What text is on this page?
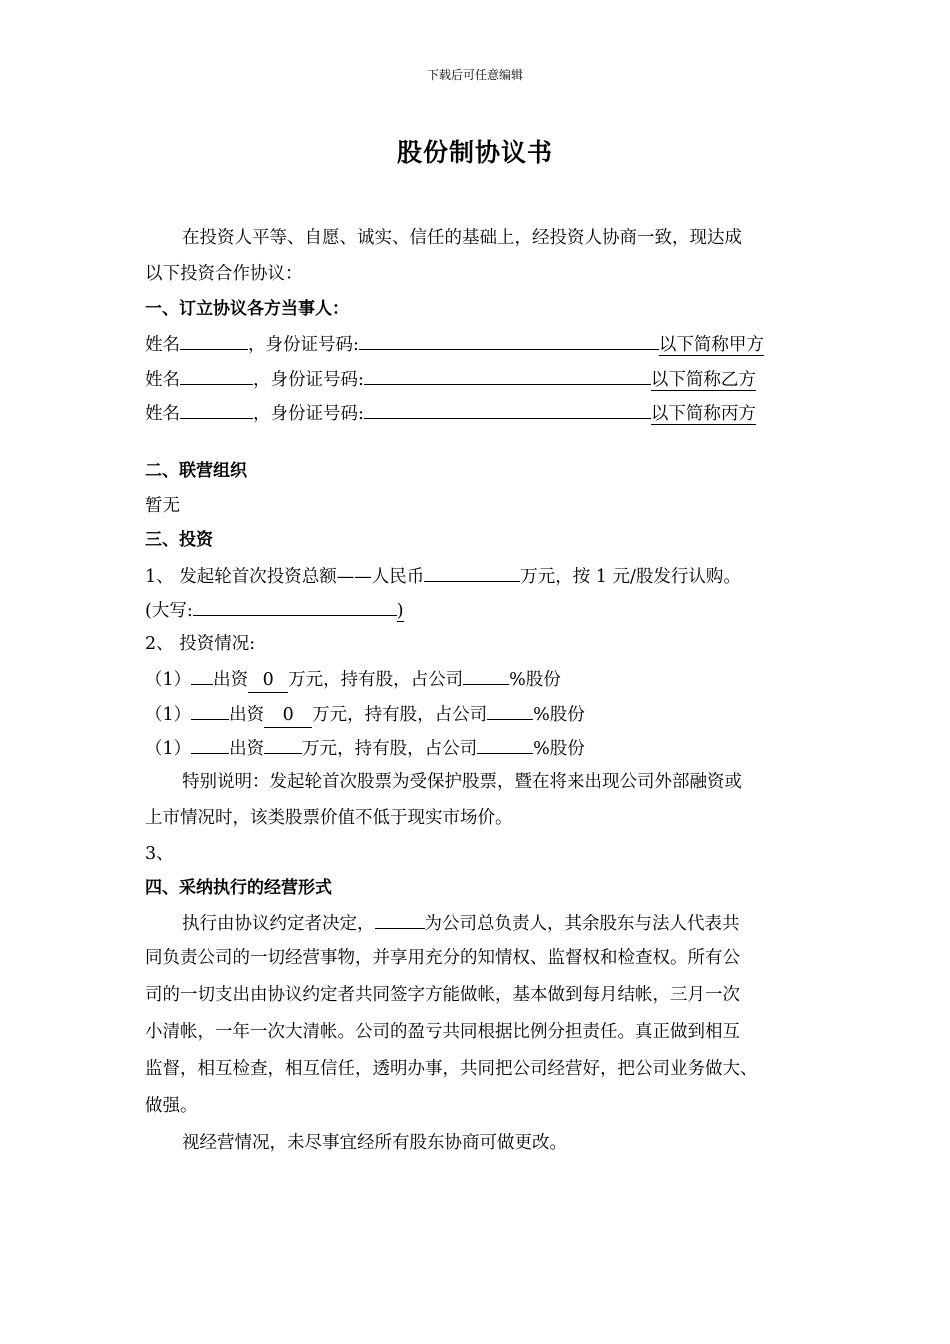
下载后可任意编辑
股份制协议书
在投资人平等、自愿、诚实、信任的基础上，经投资人协商一致，现达成
以下投资合作协议：
一、订立协议各方当事人：
姓名	，身份证号码:	以下简称甲方
姓名	，身份证号码:	以下简称乙方
姓名	，身份证号码:	以下简称丙方
二、联营组织
暂无
三、投资
1、 发起轮首次投资总额——人民币	万元，按 1 元/股发行认购。
(大写:	)
2、 投资情况:
（1） 出资 0 万元，持有股，占公司	%股份
（1） 出资 0 万元，持有股，占公司	%股份
（1） 出资 万元，持有股，占公司	%股份
特别说明：发起轮首次股票为受保护股票，暨在将来出现公司外部融资或
上市情况时，该类股票价值不低于现实市场价。
3、
四、采纳执行的经营形式
执行由协议约定者决定，	为公司总负责人，其余股东与法人代表共
同负责公司的一切经营事物，并享用充分的知情权、监督权和检查权。所有公
司的一切支出由协议约定者共同签字方能做帐，基本做到每月结帐，三月一次
小清帐，一年一次大清帐。公司的盈亏共同根据比例分担责任。真正做到相互
监督，相互检查，相互信任，透明办事，共同把公司经营好，把公司业务做大、
做强。
视经营情况，未尽事宜经所有股东协商可做更改。
